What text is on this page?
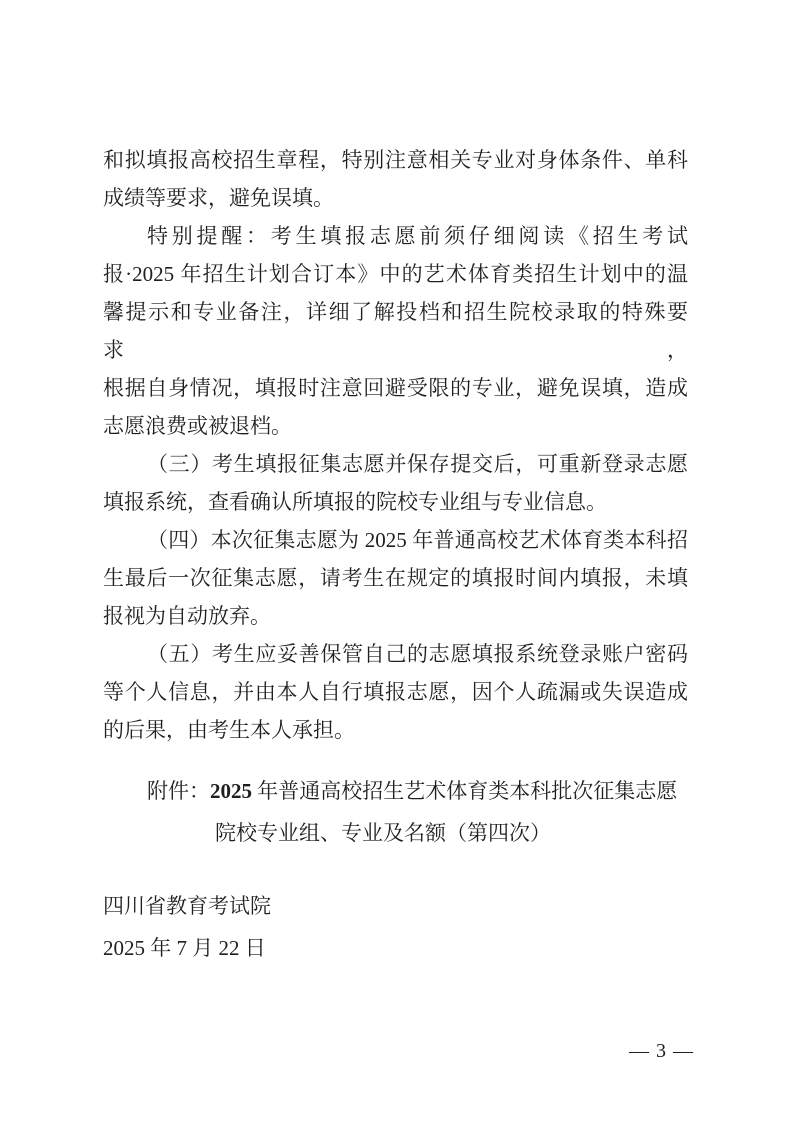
和拟填报高校招生章程，特别注意相关专业对身体条件、单科
成绩等要求，避免误填。
特别提醒：考生填报志愿前须仔细阅读《招生考试
报·2025 年招生计划合订本》中的艺术体育类招生计划中的温
馨提示和专业备注，详细了解投档和招生院校录取的特殊要求，
根据自身情况，填报时注意回避受限的专业，避免误填，造成
志愿浪费或被退档。
（三）考生填报征集志愿并保存提交后，可重新登录志愿
填报系统，查看确认所填报的院校专业组与专业信息。
（四）本次征集志愿为 2025 年普通高校艺术体育类本科招
生最后一次征集志愿，请考生在规定的填报时间内填报，未填
报视为自动放弃。
（五）考生应妥善保管自己的志愿填报系统登录账户密码
等个人信息，并由本人自行填报志愿，因个人疏漏或失误造成
的后果，由考生本人承担。
附件：2025 年普通高校招生艺术体育类本科批次征集志愿
院校专业组、专业及名额（第四次）
四川省教育考试院
2025 年 7 月 22 日
— 3 —
